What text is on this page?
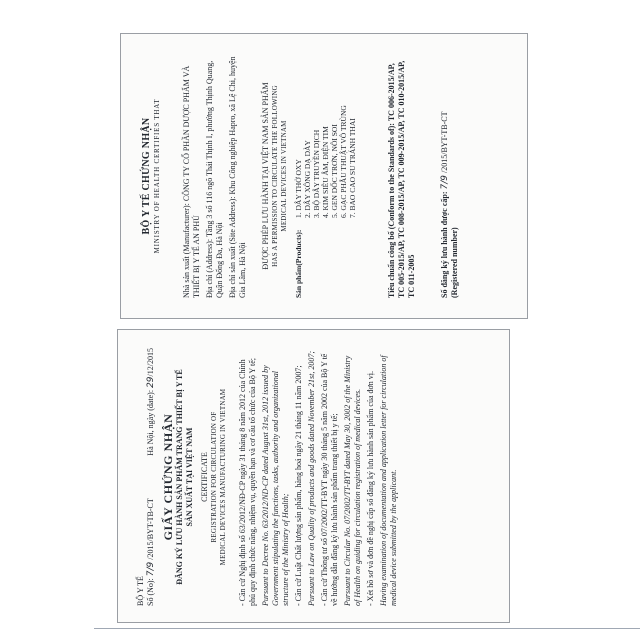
BỘ Y TẾ CHỨNG NHẬN MINISTRY OF HEALTH CERTIFIES THAT	Nhà sản xuất (Manufacturer): CÔNG TY CỔ PHẦN DƯỢC PHẨM VÀ THIẾT BỊ Y TẾ AN PHÚ Địa chỉ (Address): Tầng 3 số 116 ngõ Thái Thịnh I, phường Thịnh Quang, Quận Đống Đa, Hà Nội Địa chỉ sản xuất (Site Address): Khu Công nghiệp Hapro, xã Lệ Chi, huyện Gia Lâm, Hà Nội
ĐƯỢC PHÉP LƯU HÀNH TẠI VIỆT NAM SẢN PHẨM HAS A PERMISSION TO CIRCULATE THE FOLLOWING MEDICAL DEVICES IN VIETNAM
Sản phẩm(Products):
1. DÂY THỞ OXY 2. DÂY XÔNG DẠ DÀY 3. BỘ DÂY TRUYỀN DỊCH 4. KIM SIÊU ÂM, ĐIỆN TIM 5. GEN DỐC TRƠN, NÔI SOI 6. GẠC PHẪU THUẬT VÔ TRÙNG 7. BAO CAO SU TRÁNH THAI	Tiêu chuẩn công bố (Conform to the Standards of): TC 006-2015/AP, TC 005-2015/AP, TC 008-2015/AP, TC 009-2015/AP, TC 010-2015/AP, TC 011-2005	Số đăng ký lưu hành được cấp: 7/9 /2015/BYT-TB-CT
(Registered number)
BỘ Y TẾ Số (No): 7/9 /2015/BYT-TB-CT
Hà Nội, ngày (date): 29/12/2015
GIẤY CHỨNG NHẬN ĐĂNG KÝ LƯU HÀNH SẢN PHẨM TRANG THIẾT BỊ Y TẾ SẢN XUẤT TẠI VIỆT NAM CERTIFICATE REGISTRATION FOR CIRCULATION OF MEDICAL DEVICES MANUFACTURING IN VIETNAM - Căn cứ Nghị định số 63/2012/NĐ-CP ngày 31 tháng 8 năm 2012 của Chính phủ quy định chức năng, nhiệm vụ, quyền hạn và cơ cấu tổ chức của Bộ Y tế; Pursuant to Decree No. 63/2012/ND-CP dated August 31st, 2012 issued by Government stipulating the functions, tasks, authority and organizational structure of the Ministry of Health; - Căn cứ Luật Chất lượng sản phẩm, hàng hoá ngày 21 tháng 11 năm 2007; Pursuant to Law on Quality of products and goods dated November 21st, 2007; - Căn cứ Thông tư số 07/2002/TT-BYT ngày 30 tháng 5 năm 2002 của Bộ Y tế về hướng dẫn đăng ký lưu hành sản phẩm trang thiết bị y tế; Pursuant to Circular No. 07/2002/TT-BYT dated May 30, 2002 of the Ministry of Health on guiding for circulation registration of medical devices. - Xét hồ sơ và đơn đề nghị cấp số đăng ký lưu hành sản phẩm của đơn vị. Having examination of documentation and application letter for circulation of medical device submitted by the applicant.
